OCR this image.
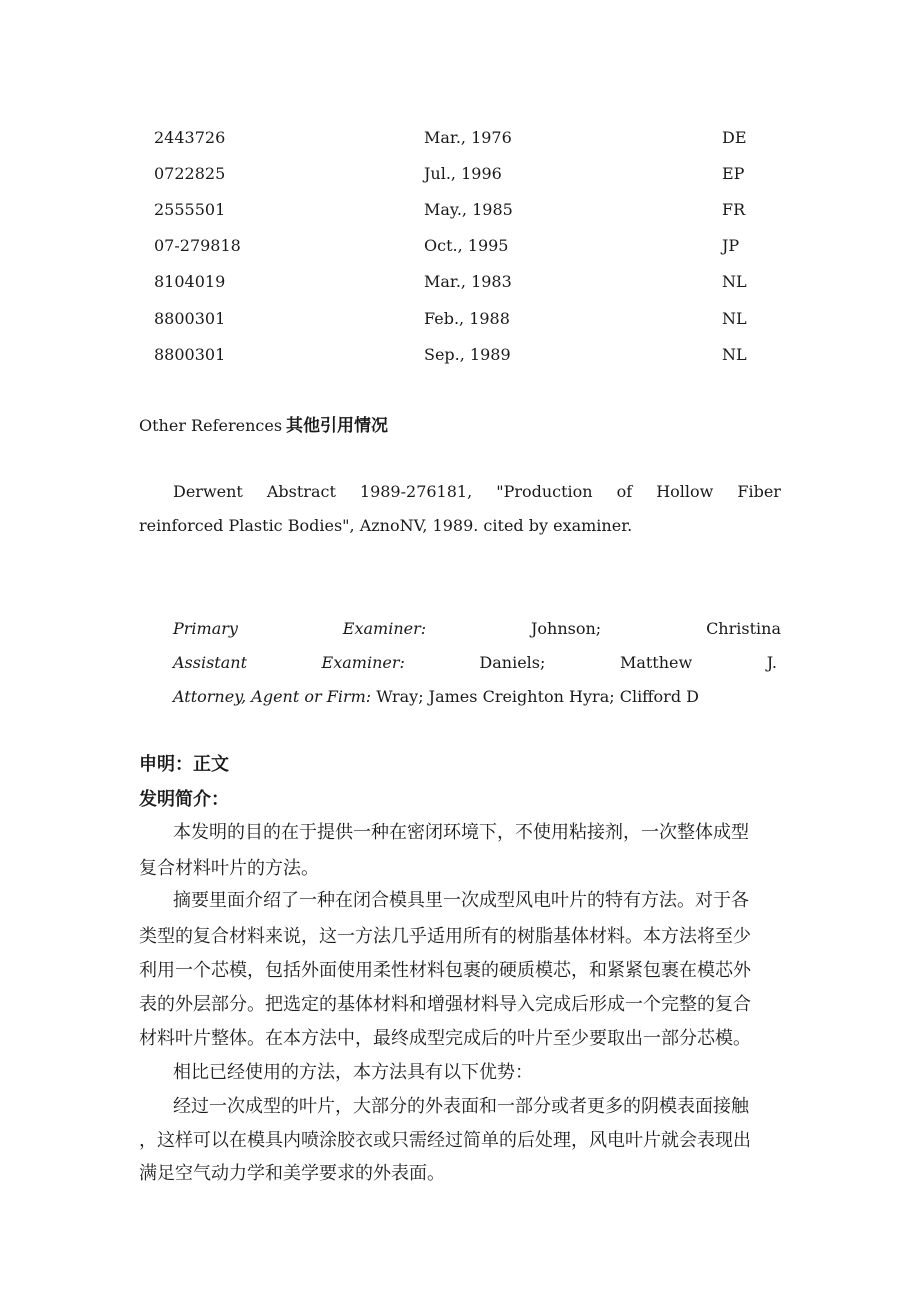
2443726	Mar., 1976	DE
0722825	Jul., 1996	EP
2555501	May., 1985	FR
07-279818	Oct., 1995	JP
8104019	Mar., 1983	NL
8800301	Feb., 1988	NL
8800301	Sep., 1989	NL
Other References 其他引用情况
Derwent Abstract 1989-276181, "Production of Hollow Fiber
reinforced Plastic Bodies", AznoNV, 1989. cited by examiner.
Primary	Examiner:	Johnson;	Christina
Assistant	Examiner:	Daniels;	Matthew	J.
Attorney, Agent or Firm: Wray; James Creighton Hyra; Clifford D
申明：正文
发明简介：
本发明的目的在于提供一种在密闭环境下，不使用粘接剂，一次整体成型
复合材料叶片的方法。
摘要里面介绍了一种在闭合模具里一次成型风电叶片的特有方法。对于各
类型的复合材料来说，这一方法几乎适用所有的树脂基体材料。本方法将至少
利用一个芯模，包括外面使用柔性材料包裹的硬质模芯，和紧紧包裹在模芯外
表的外层部分。把选定的基体材料和增强材料导入完成后形成一个完整的复合
材料叶片整体。在本方法中，最终成型完成后的叶片至少要取出一部分芯模。
相比已经使用的方法，本方法具有以下优势：
经过一次成型的叶片，大部分的外表面和一部分或者更多的阴模表面接触
，这样可以在模具内喷涂胶衣或只需经过简单的后处理，风电叶片就会表现出
满足空气动力学和美学要求的外表面。
